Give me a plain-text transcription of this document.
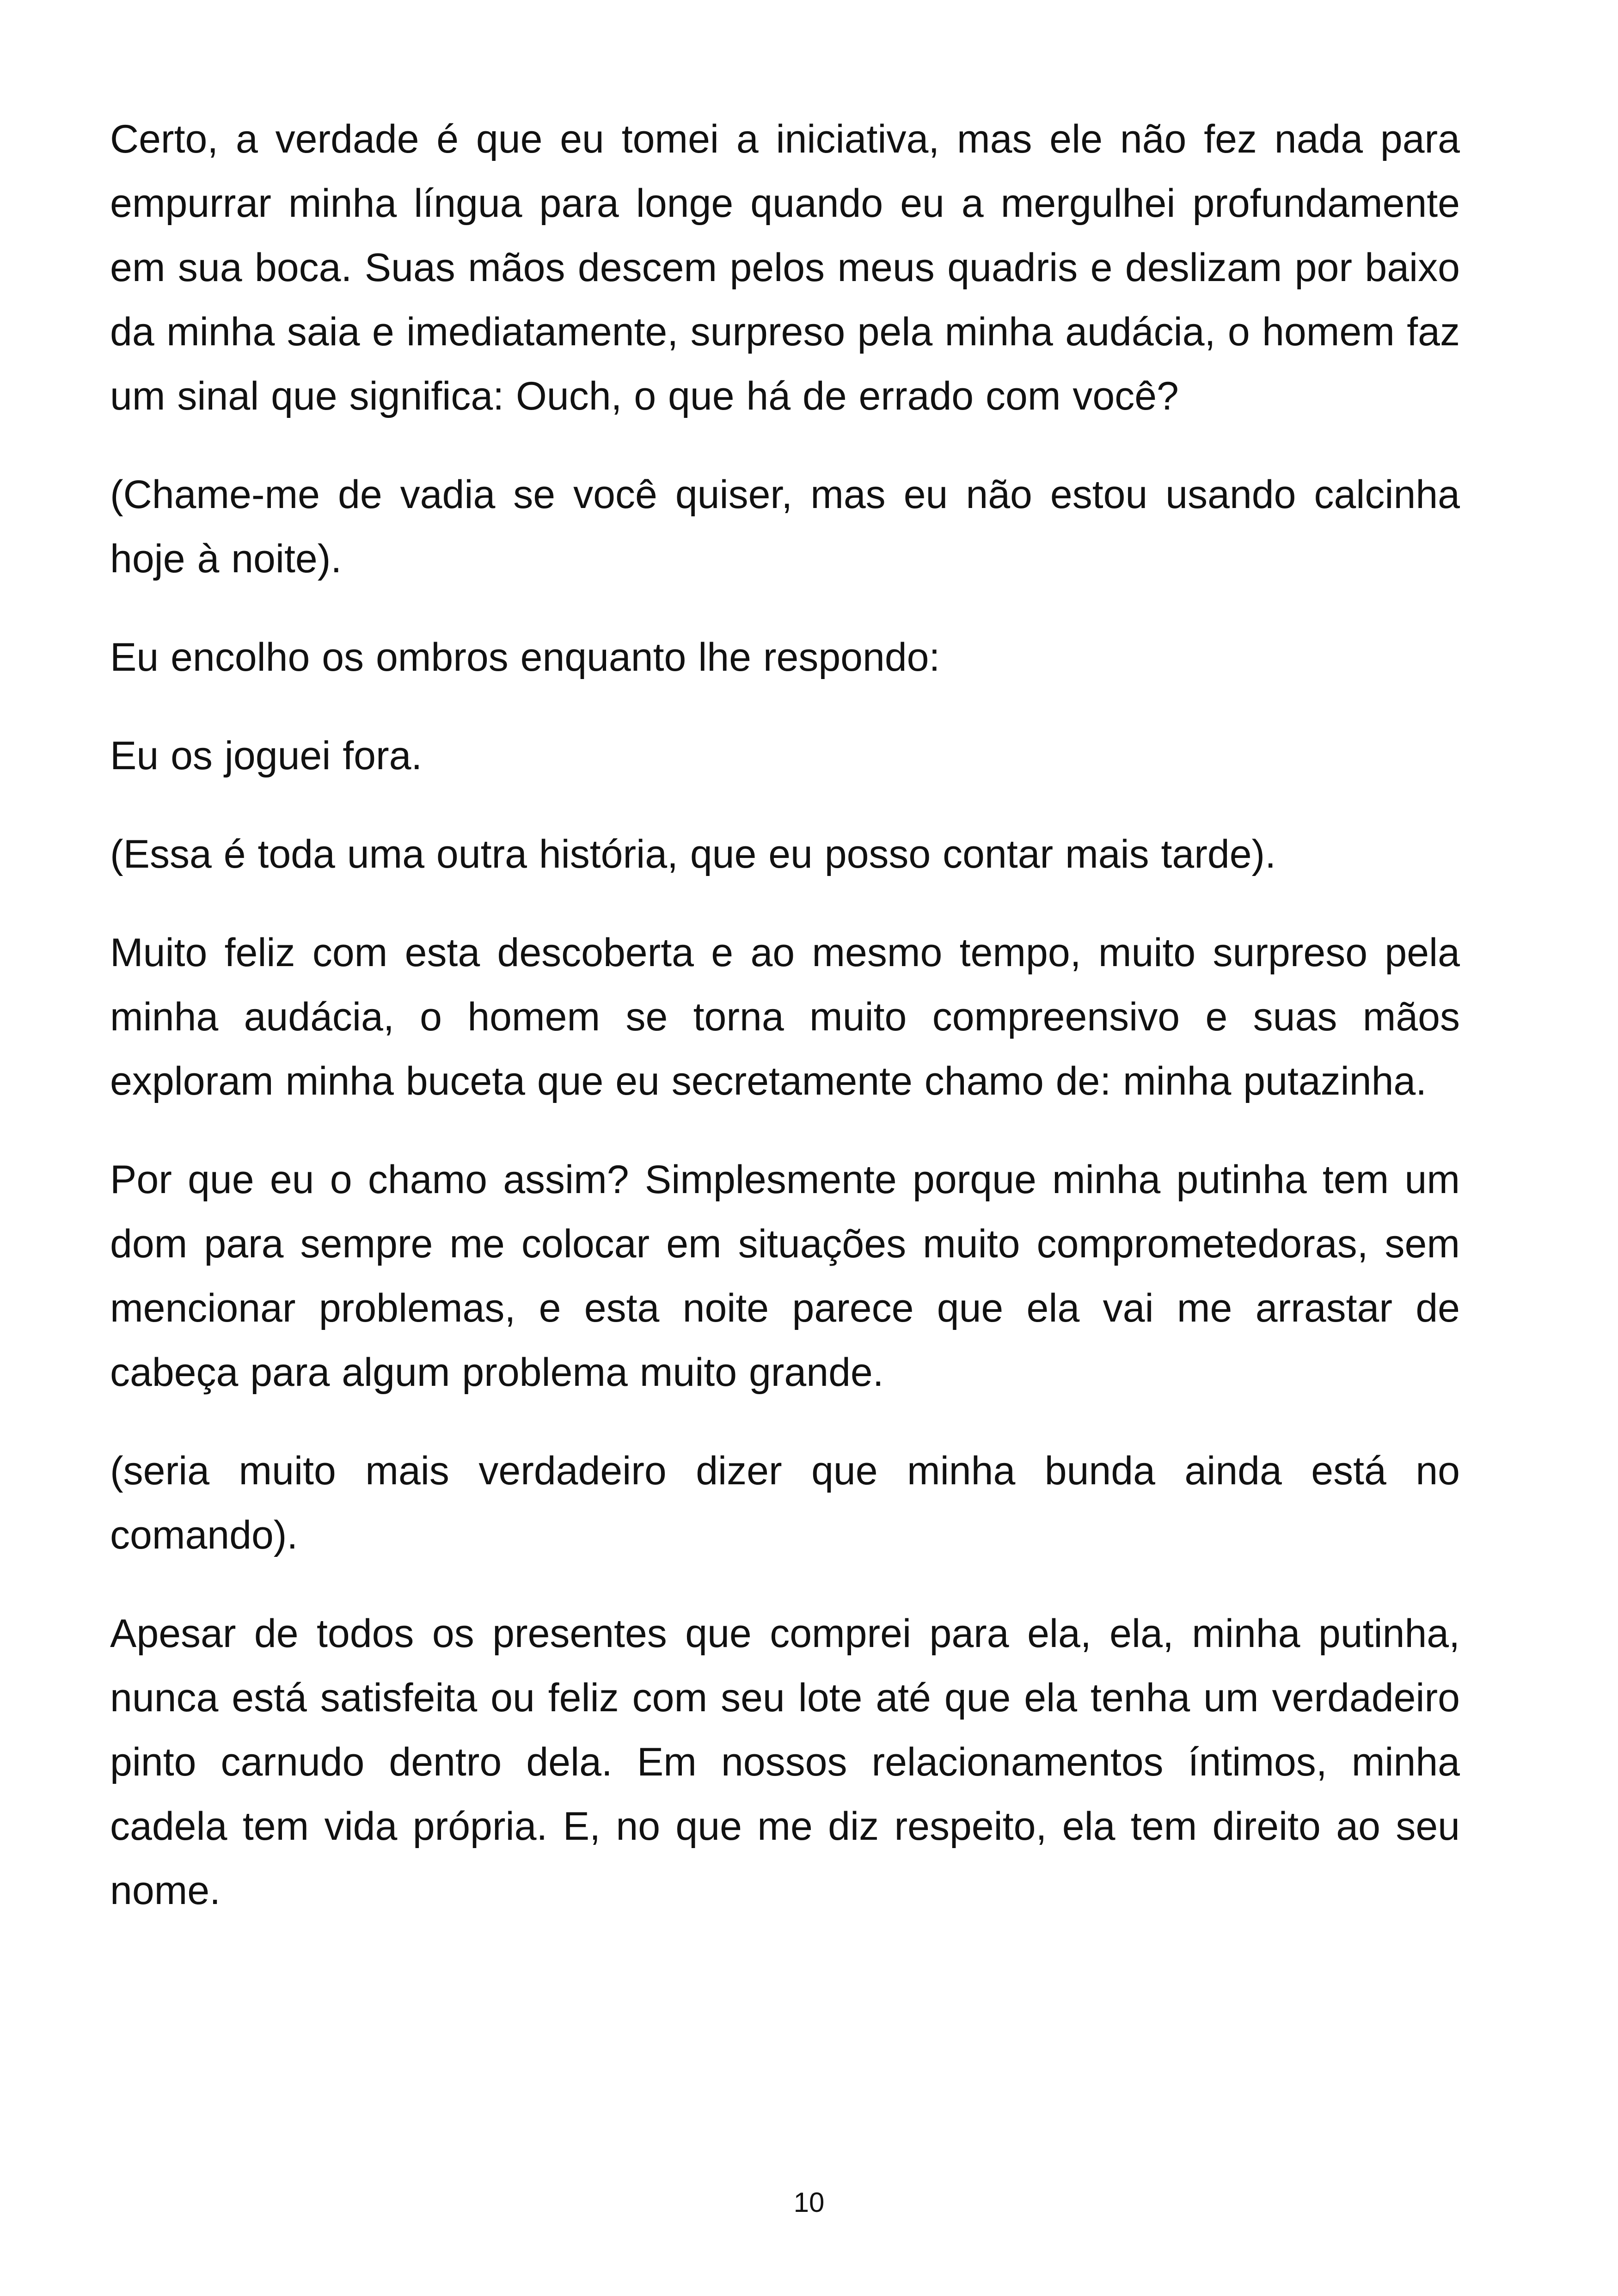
Certo, a verdade é que eu tomei a iniciativa, mas ele não fez nada para empurrar minha língua para longe quando eu a mergulhei profundamente em sua boca. Suas mãos descem pelos meus quadris e deslizam por baixo da minha saia e imediatamente, surpreso pela minha audácia, o homem faz um sinal que significa: Ouch, o que há de errado com você?

(Chame-me de vadia se você quiser, mas eu não estou usando calcinha hoje à noite).

Eu encolho os ombros enquanto lhe respondo:

Eu os joguei fora.

(Essa é toda uma outra história, que eu posso contar mais tarde).

Muito feliz com esta descoberta e ao mesmo tempo, muito surpreso pela minha audácia, o homem se torna muito compreensivo e suas mãos exploram minha buceta que eu secretamente chamo de: minha putazinha.

Por que eu o chamo assim? Simplesmente porque minha putinha tem um dom para sempre me colocar em situações muito comprometedoras, sem mencionar problemas, e esta noite parece que ela vai me arrastar de cabeça para algum problema muito grande.

(seria muito mais verdadeiro dizer que minha bunda ainda está no comando).

Apesar de todos os presentes que comprei para ela, ela, minha putinha, nunca está satisfeita ou feliz com seu lote até que ela tenha um verdadeiro pinto carnudo dentro dela. Em nossos relacionamentos íntimos, minha cadela tem vida própria. E, no que me diz respeito, ela tem direito ao seu nome.

10
